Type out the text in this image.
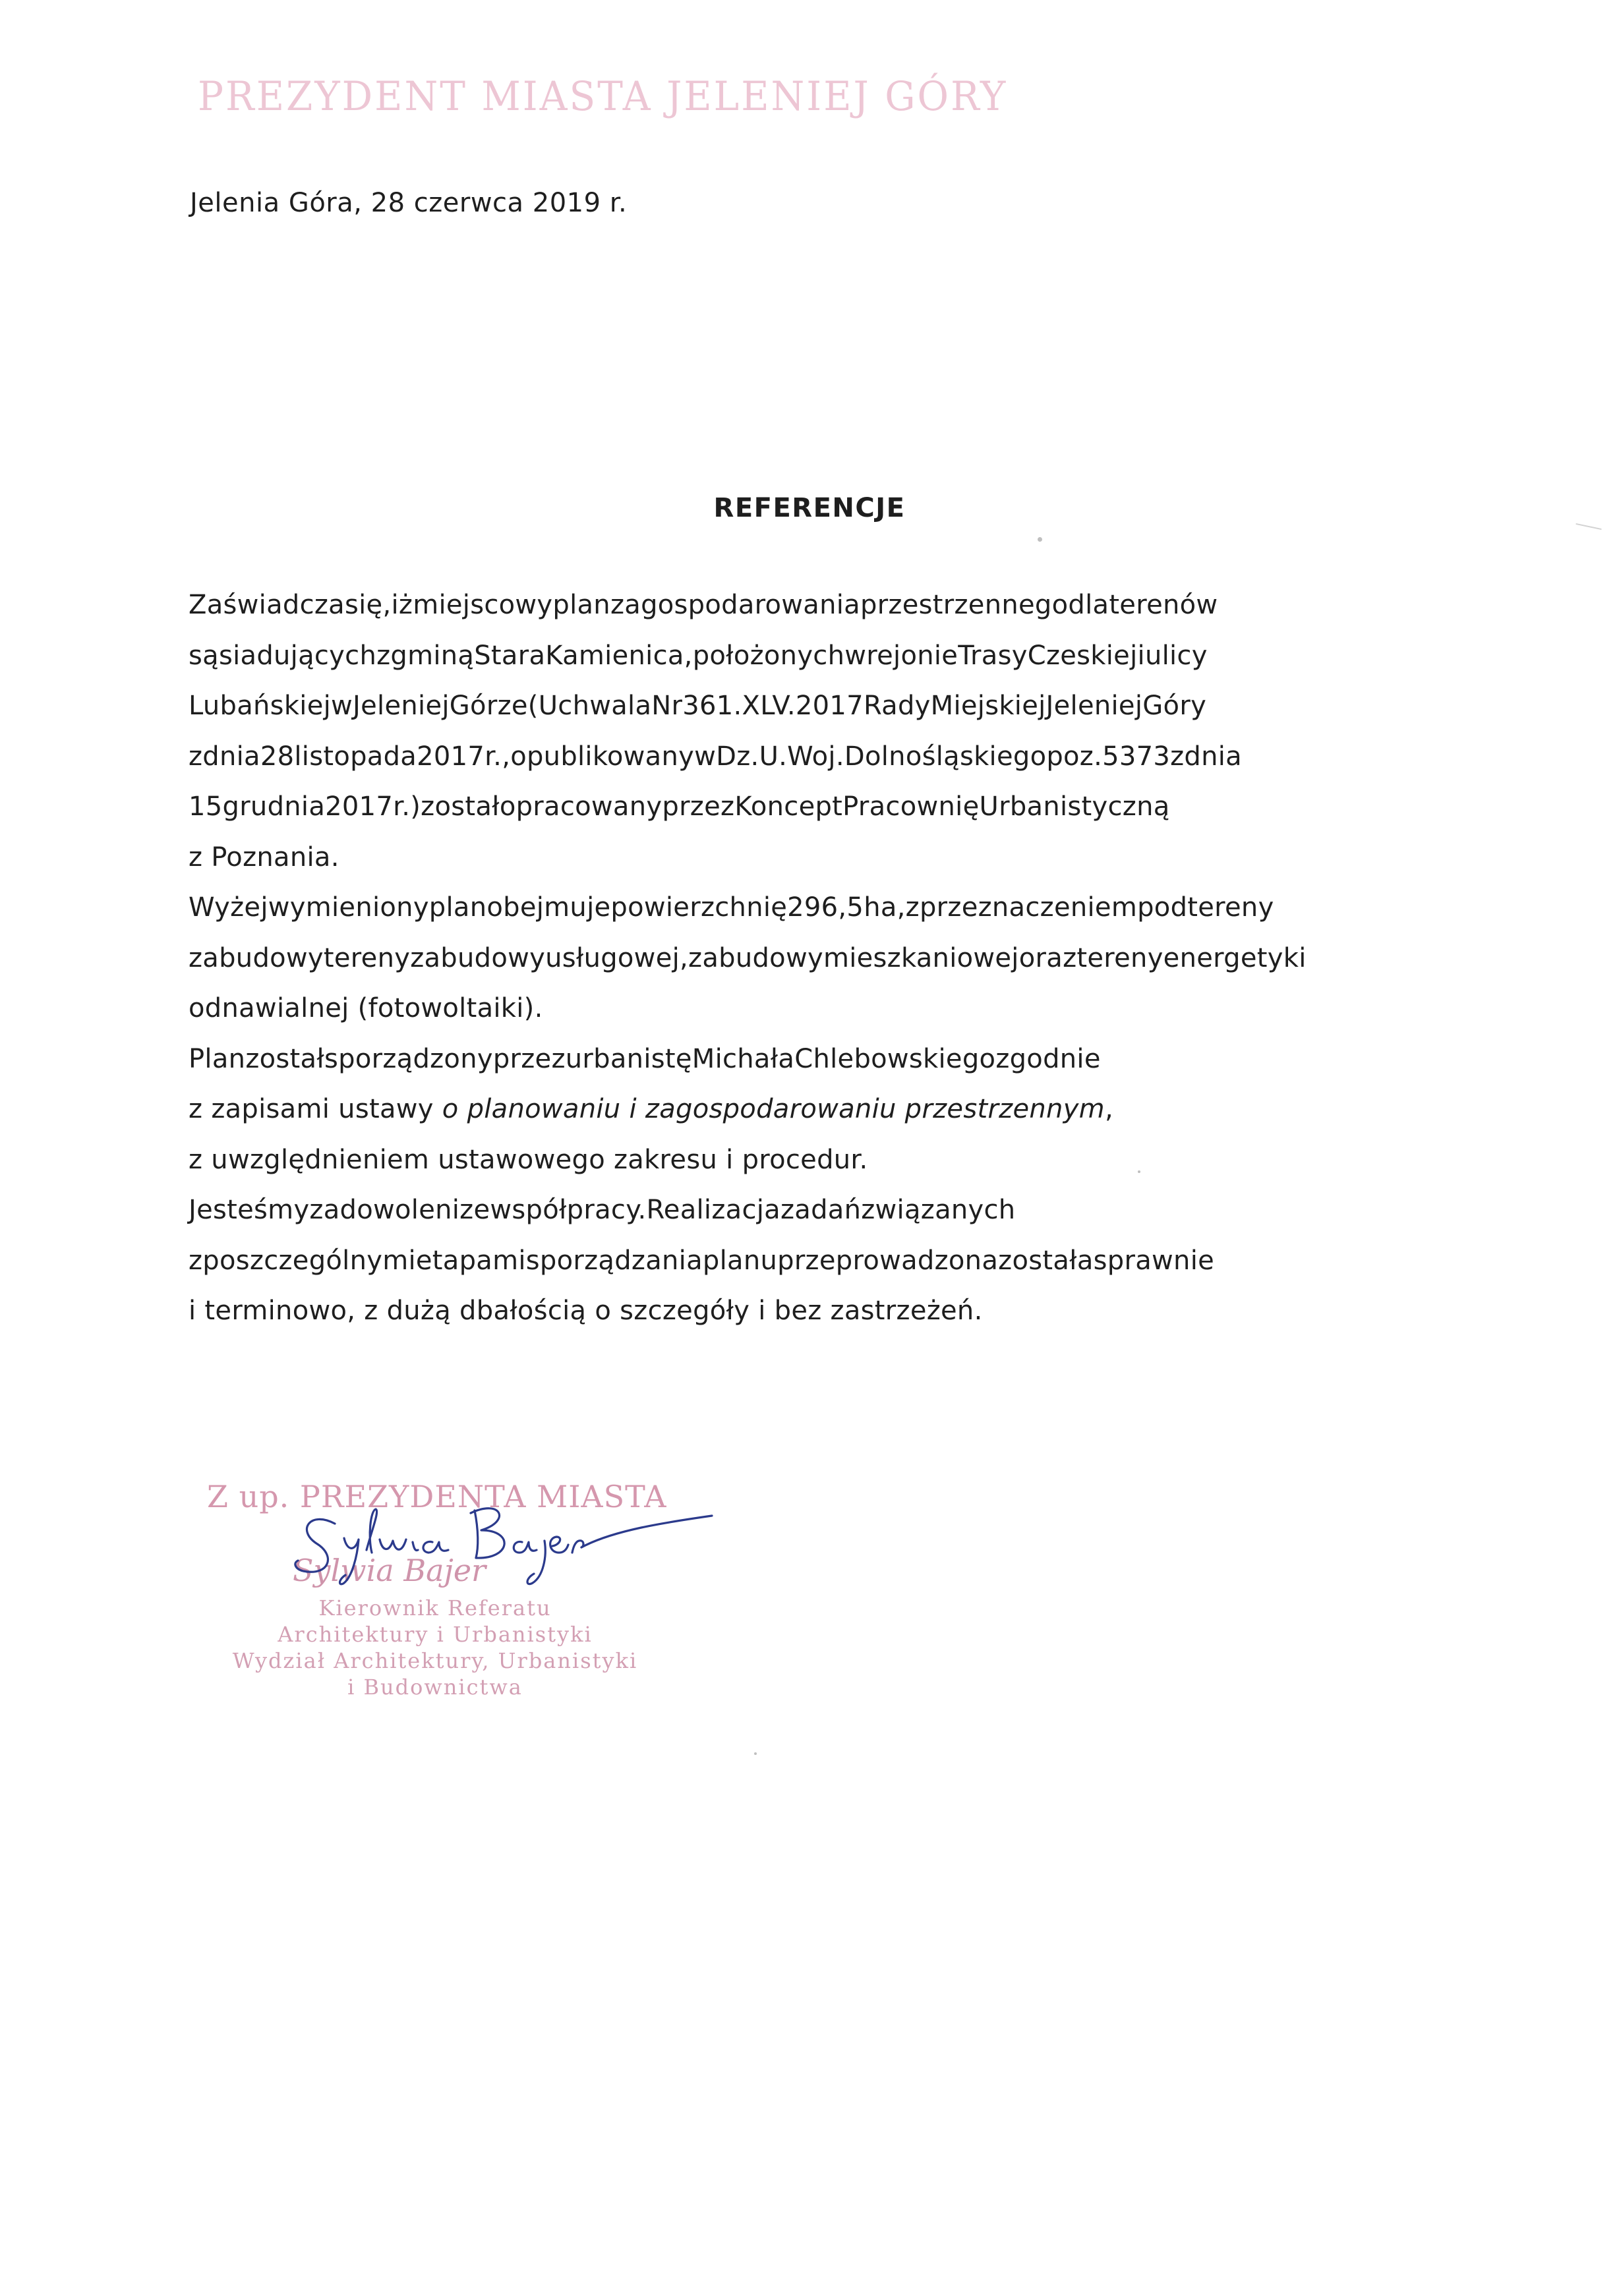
PREZYDENT MIASTA JELENIEJ GÓRY
Jelenia Góra, 28 czerwca 2019 r.
REFERENCJE
Zaświadczasię,iżmiejscowyplanzagospodarowaniaprzestrzennegodlaterenów
sąsiadującychzgminąStaraKamienica,położonychwrejonieTrasyCzeskiejiulicy
LubańskiejwJeleniejGórze(UchwalaNr361.XLV.2017RadyMiejskiejJeleniejGóry
zdnia28listopada2017r.,opublikowanywDz.U.Woj.Dolnośląskiegopoz.5373zdnia
15grudnia2017r.)zostałopracowanyprzezKonceptPracownięUrbanistyczną
z Poznania.
Wyżejwymienionyplanobejmujepowierzchnię296,5ha,zprzeznaczeniempodtereny
zabudowyterenyzabudowyusługowej,zabudowymieszkaniowejorazterenyenergetyki
odnawialnej (fotowoltaiki).
PlanzostałsporządzonyprzezurbanistęMichałaChlebowskiegozgodnie
z zapisami ustawy o planowaniu i zagospodarowaniu przestrzennym,
z uwzględnieniem ustawowego zakresu i procedur.
Jesteśmyzadowolenizewspółpracy.Realizacjazadańzwiązanych
zposzczególnymietapamisporządzaniaplanuprzeprowadzonazostałasprawnie
i terminowo, z dużą dbałością o szczegóły i bez zastrzeżeń.
Z up. PREZYDENTA MIASTA
Sylwia Bajer
Kierownik Referatu
Architektury i Urbanistyki
Wydział Architektury, Urbanistyki
i Budownictwa
